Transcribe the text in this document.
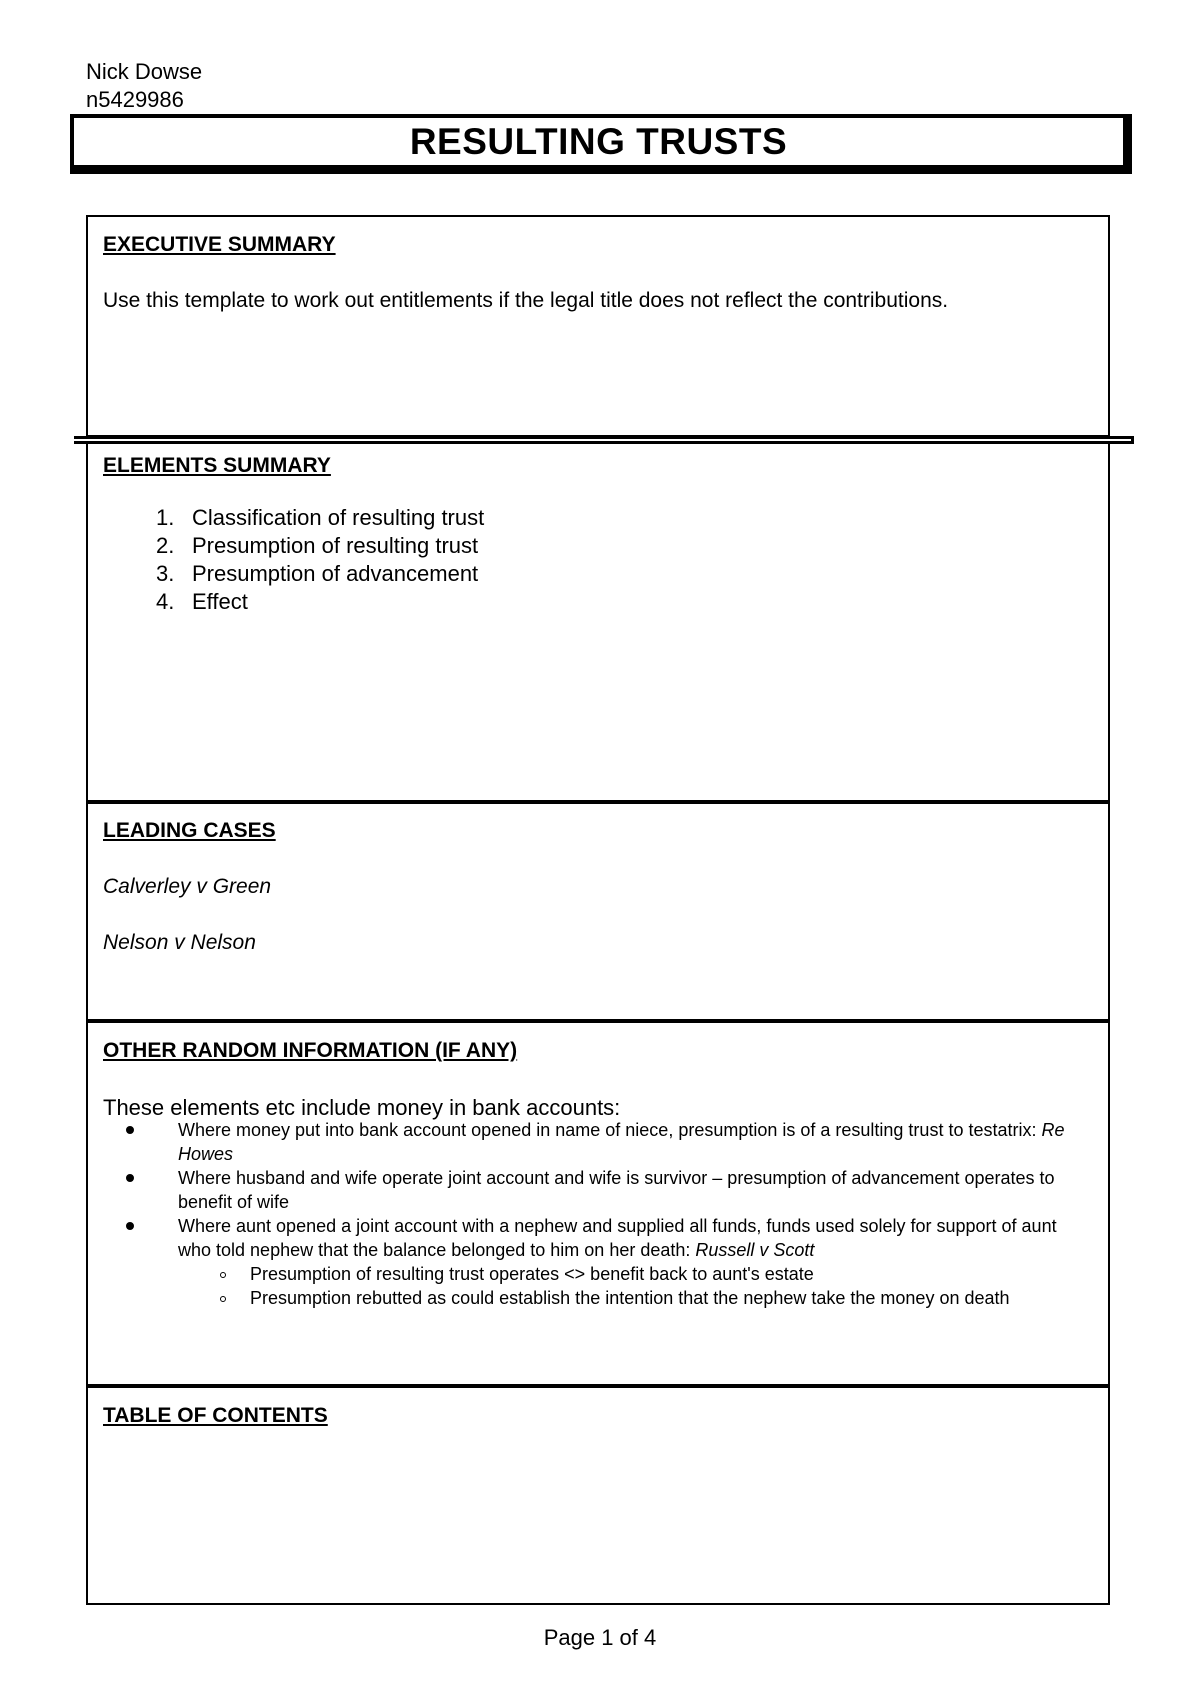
Nick Dowse
n5429986
RESULTING TRUSTS
EXECUTIVE SUMMARY
Use this template to work out entitlements if the legal title does not reflect the contributions.
ELEMENTS SUMMARY
1. Classification of resulting trust
2. Presumption of resulting trust
3. Presumption of advancement
4. Effect
LEADING CASES
Calverley v Green
Nelson v Nelson
OTHER RANDOM INFORMATION (IF ANY)
These elements etc include money in bank accounts:
Where money put into bank account opened in name of niece, presumption is of a resulting trust to testatrix: Re Howes
Where husband and wife operate joint account and wife is survivor – presumption of advancement operates to benefit of wife
Where aunt opened a joint account with a nephew and supplied all funds, funds used solely for support of aunt who told nephew that the balance belonged to him on her death: Russell v Scott
Presumption of resulting trust operates <> benefit back to aunt's estate
Presumption rebutted as could establish the intention that the nephew take the money on death
TABLE OF CONTENTS
Page 1 of 4
